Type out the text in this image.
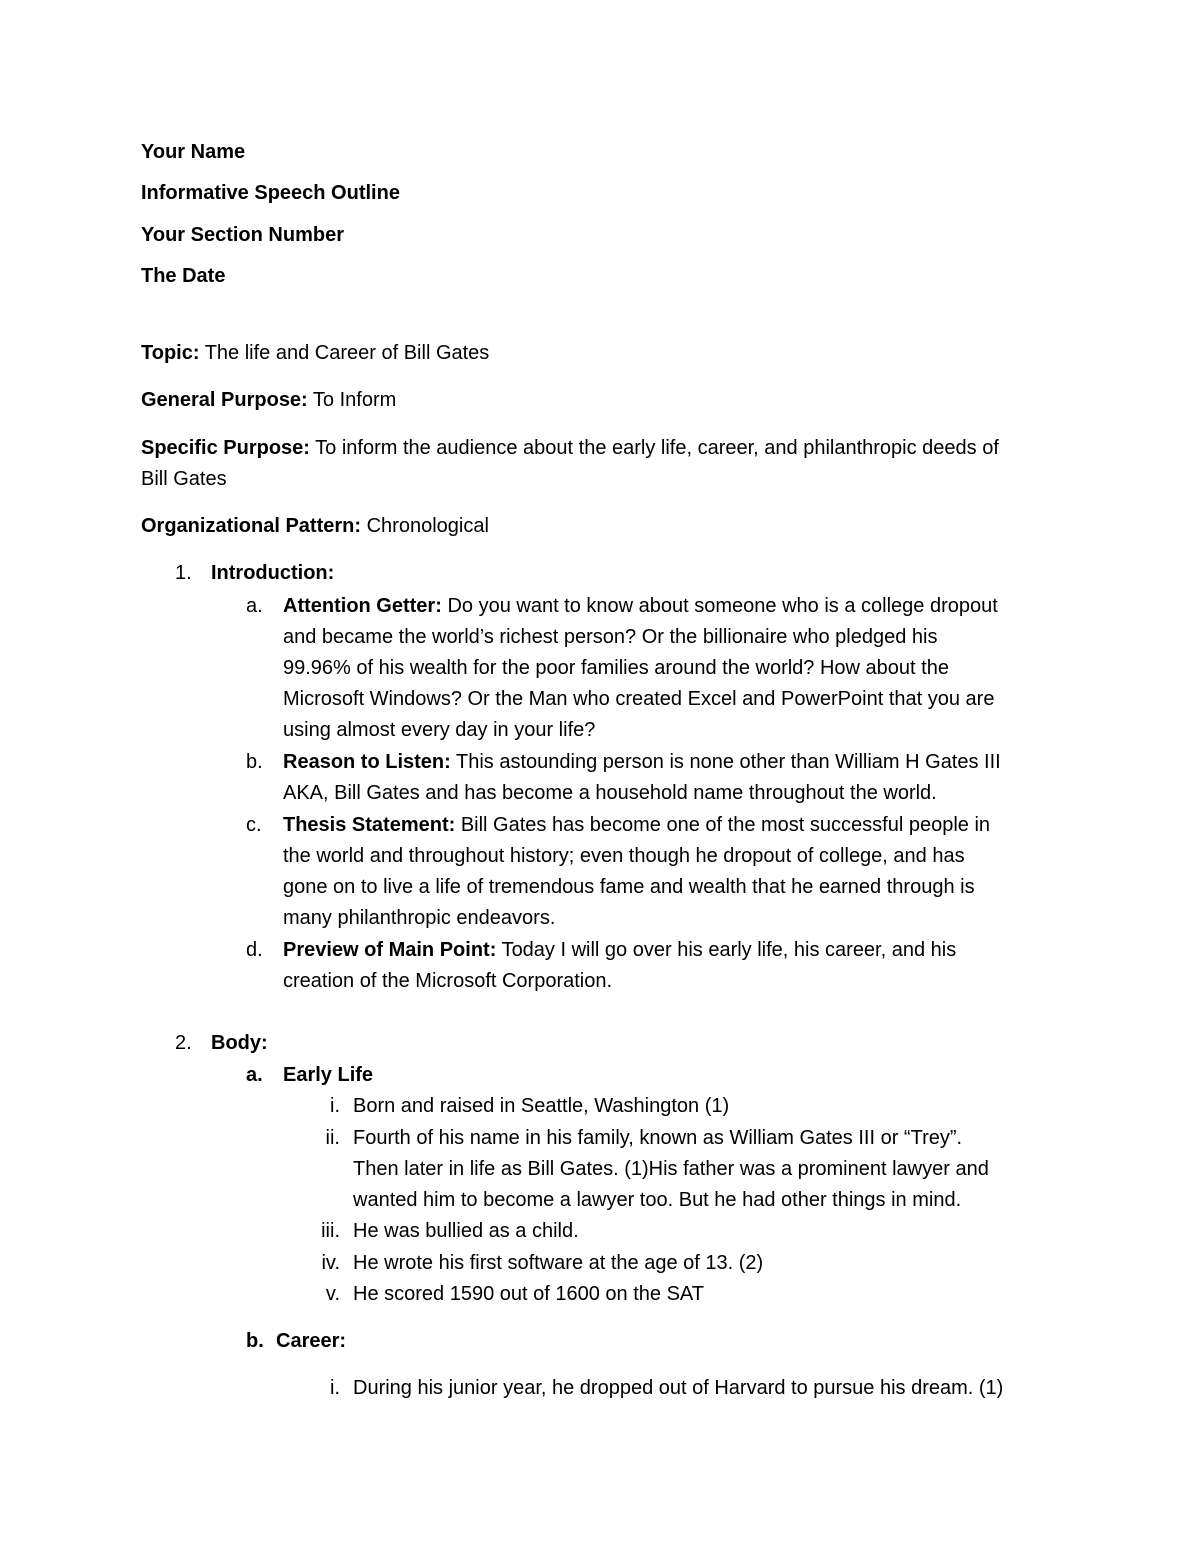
Your Name
Informative Speech Outline
Your Section Number
The Date
Topic: The life and Career of Bill Gates
General Purpose: To Inform
Specific Purpose: To inform the audience about the early life, career, and philanthropic deeds of
Bill Gates
Organizational Pattern: Chronological
1. Introduction:
a. Attention Getter: Do you want to know about someone who is a college dropout
and became the world’s richest person? Or the billionaire who pledged his
99.96% of his wealth for the poor families around the world? How about the
Microsoft Windows? Or the Man who created Excel and PowerPoint that you are
using almost every day in your life?
b. Reason to Listen: This astounding person is none other than William H Gates III
AKA, Bill Gates and has become a household name throughout the world.
c. Thesis Statement: Bill Gates has become one of the most successful people in
the world and throughout history; even though he dropout of college, and has
gone on to live a life of tremendous fame and wealth that he earned through is
many philanthropic endeavors.
d. Preview of Main Point: Today I will go over his early life, his career, and his
creation of the Microsoft Corporation.
2. Body:
a. Early Life
i. Born and raised in Seattle, Washington (1)
ii. Fourth of his name in his family, known as William Gates III or “Trey”.
Then later in life as Bill Gates. (1)His father was a prominent lawyer and
wanted him to become a lawyer too. But he had other things in mind.
iii. He was bullied as a child.
iv. He wrote his first software at the age of 13. (2)
v. He scored 1590 out of 1600 on the SAT
b. Career:
i. During his junior year, he dropped out of Harvard to pursue his dream. (1)
